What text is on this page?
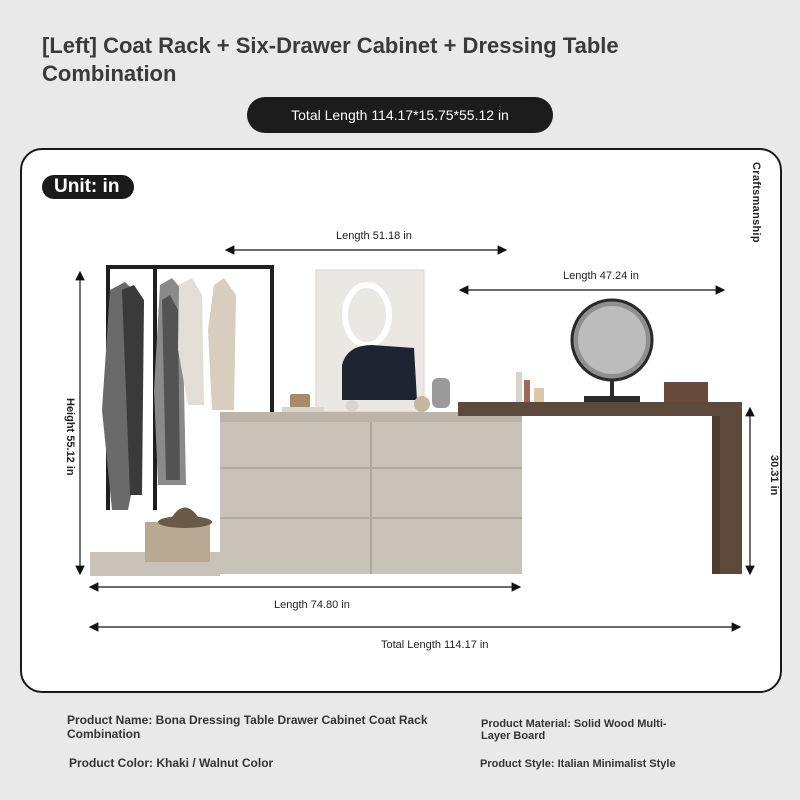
[Left] Coat Rack + Six-Drawer Cabinet + Dressing Table Combination
Total Length 114.17*15.75*55.12 in
Unit: in	Craftsmanship
Length 51.18 in
Length 47.24 in
Height 55.12 in	30.31 in
Length 74.80 in
Total Length 114.17 in
Product Name: Bona Dressing Table Drawer Cabinet Coat Rack Combination
Product Material: Solid Wood Multi-Layer Board
Product Color: Khaki / Walnut Color	Product Style: Italian Minimalist Style
